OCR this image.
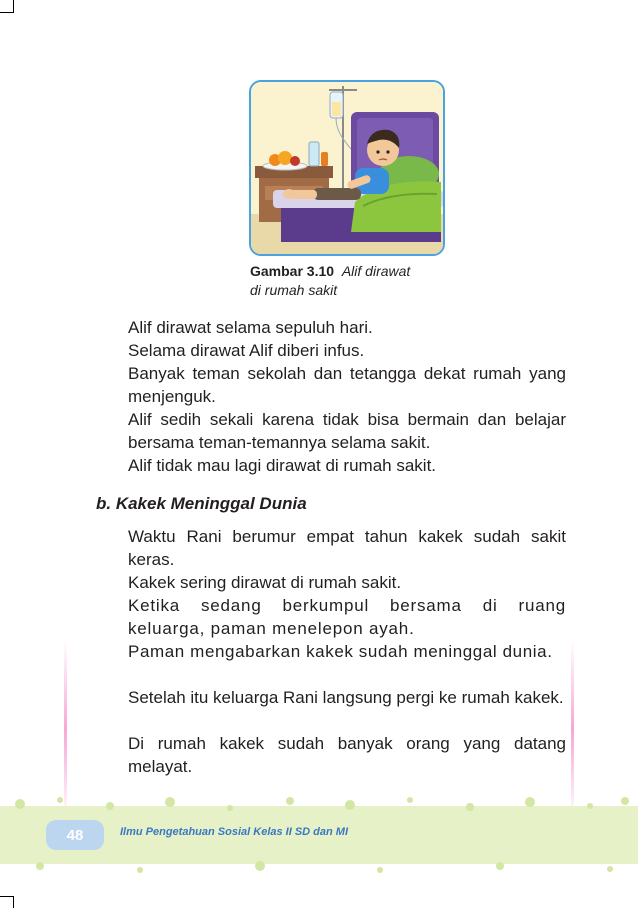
Gambar 3.10 Alif dirawat
di rumah sakit

Alif dirawat selama sepuluh hari.

Selama dirawat Alif diberi infus.

Banyak teman sekolah dan tetangga dekat rumah yang menjenguk.

Alif sedih sekali karena tidak bisa bermain dan belajar bersama teman-temannya selama sakit.

Alif tidak mau lagi dirawat di rumah sakit.

b. Kakek Meninggal Dunia

Waktu Rani berumur empat tahun kakek sudah sakit keras.

Kakek sering dirawat di rumah sakit.

Ketika sedang berkumpul bersama di ruang keluarga, paman menelepon ayah.

Paman mengabarkan kakek sudah meninggal dunia.

Setelah itu keluarga Rani langsung pergi ke rumah kakek.

Di rumah kakek sudah banyak orang yang datang melayat.

48	Ilmu Pengetahuan Sosial Kelas II SD dan MI
